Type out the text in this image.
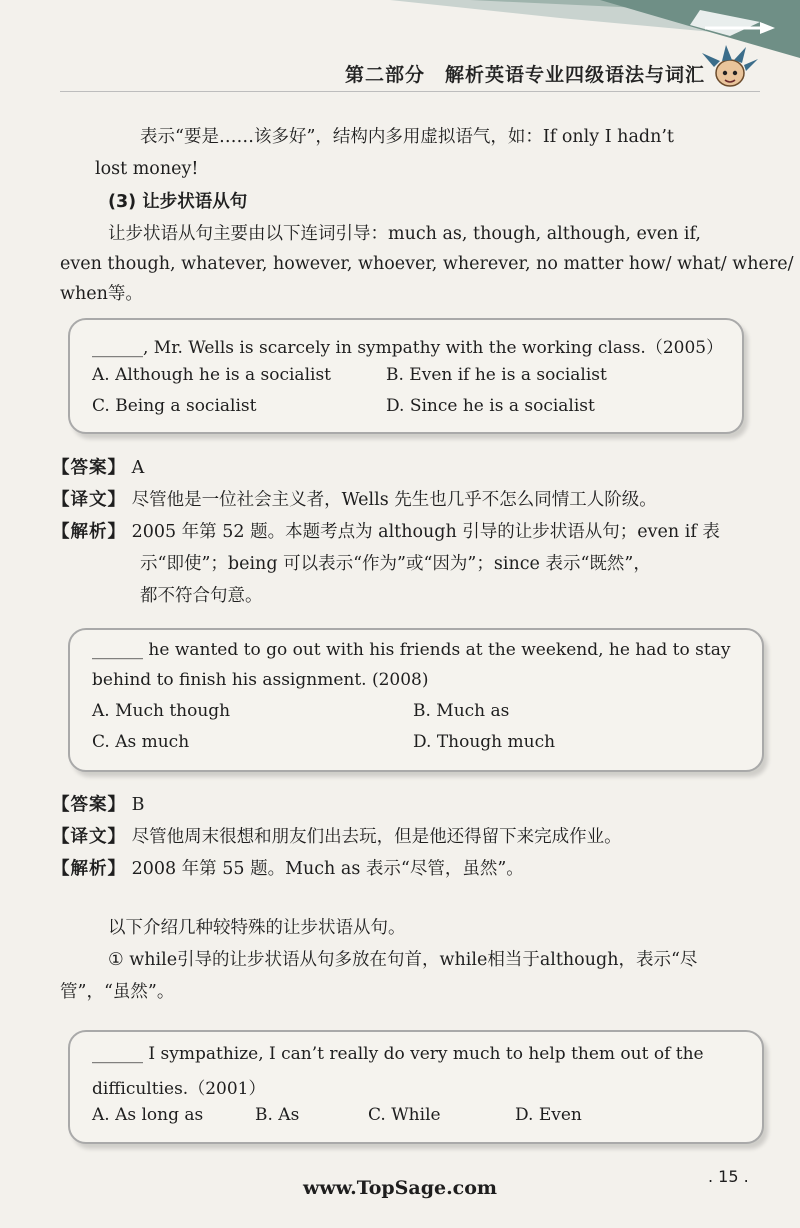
第二部分　解析英语专业四级语法与词汇
表示“要是……该多好”，结构内多用虚拟语气，如：If only I hadn’t
lost money!
(3) 让步状语从句
让步状语从句主要由以下连词引导：much as, though, although, even if,
even though, whatever, however, whoever, wherever, no matter how/ what/ where/
when等。
______, Mr. Wells is scarcely in sympathy with the working class.（2005）
A. Although he is a socialist	B. Even if he is a socialist
C. Being a socialist	D. Since he is a socialist
【答案】 A
【译文】 尽管他是一位社会主义者，Wells 先生也几乎不怎么同情工人阶级。
【解析】 2005 年第 52 题。本题考点为 although 引导的让步状语从句；even if 表
示“即使”；being 可以表示“作为”或“因为”；since 表示“既然”，
都不符合句意。
______ he wanted to go out with his friends at the weekend, he had to stay
behind to finish his assignment. (2008)
A. Much though	B. Much as
C. As much	D. Though much
【答案】 B
【译文】 尽管他周末很想和朋友们出去玩，但是他还得留下来完成作业。
【解析】 2008 年第 55 题。Much as 表示“尽管，虽然”。
以下介绍几种较特殊的让步状语从句。
① while引导的让步状语从句多放在句首，while相当于although，表示“尽
管”，“虽然”。
______ I sympathize, I can’t really do very much to help them out of the
difficulties.（2001）
A. As long as	B. As	C. While	D. Even
. 15 .
www.TopSage.com
